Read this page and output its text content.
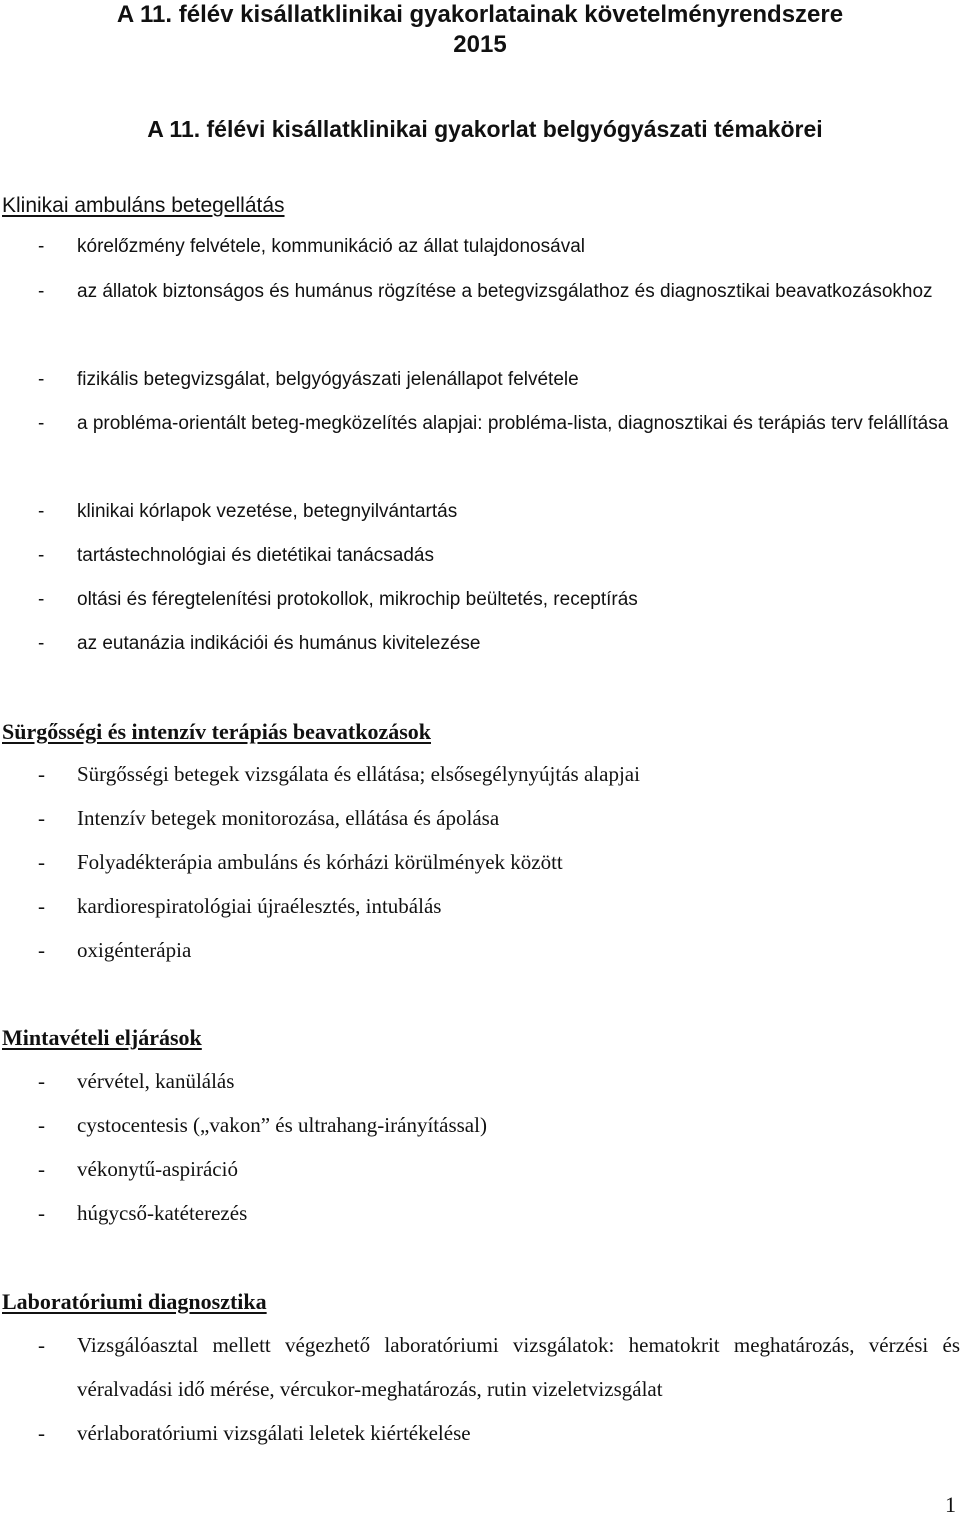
A 11. félév kisállatklinikai gyakorlatainak követelményrendszere
2015
A 11. félévi kisállatklinikai gyakorlat belgyógyászati témakörei
Klinikai ambuláns betegellátás
- kórelőzmény felvétele, kommunikáció az állat tulajdonosával
- az állatok biztonságos és humánus rögzítése a betegvizsgálathoz és diagnosztikai beavatkozásokhoz
- fizikális betegvizsgálat, belgyógyászati jelenállapot felvétele
- a probléma-orientált beteg-megközelítés alapjai: probléma-lista, diagnosztikai és terápiás terv felállítása
- klinikai kórlapok vezetése, betegnyilvántartás
- tartástechnológiai és dietétikai tanácsadás
- oltási és féregtelenítési protokollok, mikrochip beültetés, receptírás
- az eutanázia indikációi és humánus kivitelezése
Sürgősségi és intenzív terápiás beavatkozások
- Sürgősségi betegek vizsgálata és ellátása; elsősegélynyújtás alapjai
- Intenzív betegek monitorozása, ellátása és ápolása
- Folyadékterápia ambuláns és kórházi körülmények között
- kardiorespiratológiai újraélesztés, intubálás
- oxigénterápia
Mintavételi eljárások
- vérvétel, kanülálás
- cystocentesis („vakon” és ultrahang-irányítással)
- vékonytű-aspiráció
- húgycső-katéterezés
Laboratóriumi diagnosztika
- Vizsgálóasztal mellett végezhető laboratóriumi vizsgálatok: hematokrit meghatározás, vérzési és véralvadási idő mérése, vércukor-meghatározás, rutin vizeletvizsgálat
- vérlaboratóriumi vizsgálati leletek kiértékelése
1
